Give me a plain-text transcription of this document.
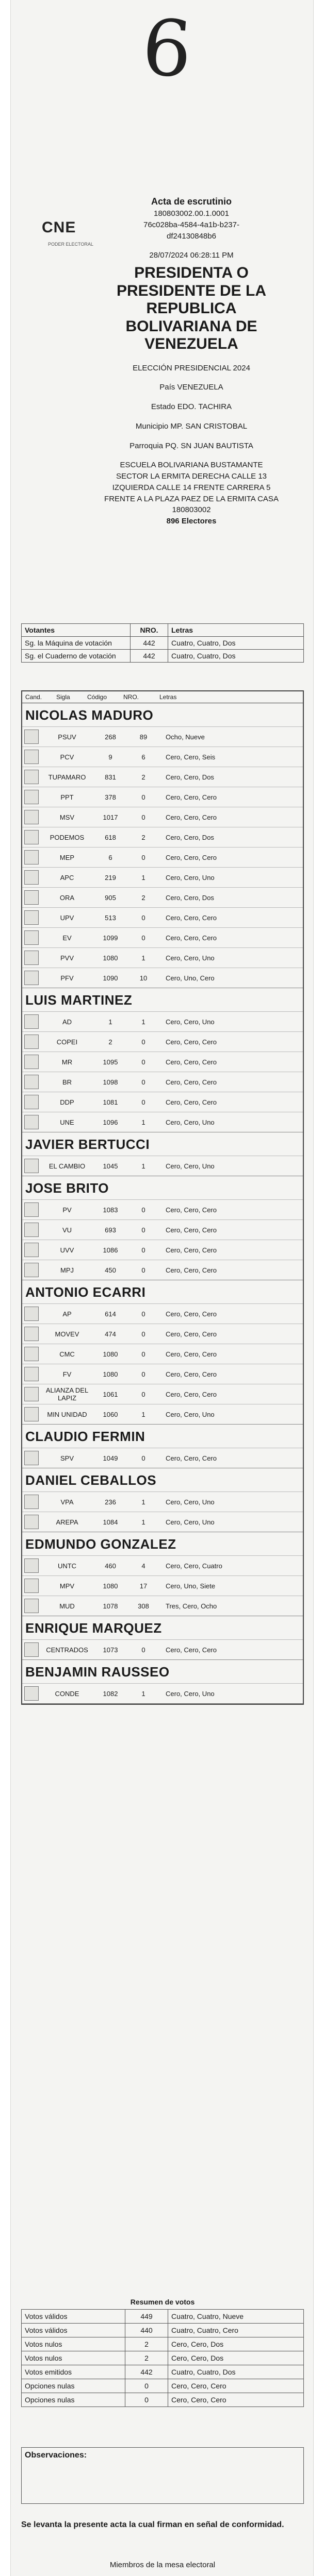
6
CNE
PODER ELECTORAL
Acta de escrutinio
180803002.00.1.0001
76c028ba-4584-4a1b-b237-
df24130848b6
28/07/2024 06:28:11 PM
PRESIDENTA O PRESIDENTE DE LA REPUBLICA BOLIVARIANA DE VENEZUELA
ELECCIÓN PRESIDENCIAL 2024
País VENEZUELA
Estado EDO. TACHIRA
Municipio MP. SAN CRISTOBAL
Parroquia PQ. SN JUAN BAUTISTA
ESCUELA BOLIVARIANA BUSTAMANTE
SECTOR LA ERMITA DERECHA CALLE 13 IZQUIERDA CALLE 14 FRENTE CARRERA 5 FRENTE A LA PLAZA PAEZ DE LA ERMITA CASA
180803002
896 Electores
Votantes	NRO.	Letras
Sg. la Máquina de votación	442	Cuatro, Cuatro, Dos
Sg. el Cuaderno de votación	442	Cuatro, Cuatro, Dos
Cand.	Sigla	Código	NRO.	Letras
NICOLAS MADURO
PSUV	268	89	Ocho, Nueve
PCV	9	6	Cero, Cero, Seis
TUPAMARO	831	2	Cero, Cero, Dos
PPT	378	0	Cero, Cero, Cero
MSV	1017	0	Cero, Cero, Cero
PODEMOS	618	2	Cero, Cero, Dos
MEP	6	0	Cero, Cero, Cero
APC	219	1	Cero, Cero, Uno
ORA	905	2	Cero, Cero, Dos
UPV	513	0	Cero, Cero, Cero
EV	1099	0	Cero, Cero, Cero
PVV	1080	1	Cero, Cero, Uno
PFV	1090	10	Cero, Uno, Cero
LUIS MARTINEZ
AD	1	1	Cero, Cero, Uno
COPEI	2	0	Cero, Cero, Cero
MR	1095	0	Cero, Cero, Cero
BR	1098	0	Cero, Cero, Cero
DDP	1081	0	Cero, Cero, Cero
UNE	1096	1	Cero, Cero, Uno
JAVIER BERTUCCI
EL CAMBIO	1045	1	Cero, Cero, Uno
JOSE BRITO
PV	1083	0	Cero, Cero, Cero
VU	693	0	Cero, Cero, Cero
UVV	1086	0	Cero, Cero, Cero
MPJ	450	0	Cero, Cero, Cero
ANTONIO ECARRI
AP	614	0	Cero, Cero, Cero
MOVEV	474	0	Cero, Cero, Cero
CMC	1080	0	Cero, Cero, Cero
FV	1080	0	Cero, Cero, Cero
ALIANZA DEL LAPIZ	1061	0	Cero, Cero, Cero
MIN UNIDAD	1060	1	Cero, Cero, Uno
CLAUDIO FERMIN
SPV	1049	0	Cero, Cero, Cero
DANIEL CEBALLOS
VPA	236	1	Cero, Cero, Uno
AREPA	1084	1	Cero, Cero, Uno
EDMUNDO GONZALEZ
UNTC	460	4	Cero, Cero, Cuatro
MPV	1080	17	Cero, Uno, Siete
MUD	1078	308	Tres, Cero, Ocho
ENRIQUE MARQUEZ
CENTRADOS	1073	0	Cero, Cero, Cero
BENJAMIN RAUSSEO
CONDE	1082	1	Cero, Cero, Uno
Resumen de votos
Votos válidos	449	Cuatro, Cuatro, Nueve
Votos válidos	440	Cuatro, Cuatro, Cero
Votos nulos	2	Cero, Cero, Dos
Votos nulos	2	Cero, Cero, Dos
Votos emitidos	442	Cuatro, Cuatro, Dos
Opciones nulas	0	Cero, Cero, Cero
Opciones nulas	0	Cero, Cero, Cero
Observaciones:
Se levanta la presente acta la cual firman en señal de conformidad.
Miembros de la mesa electoral
